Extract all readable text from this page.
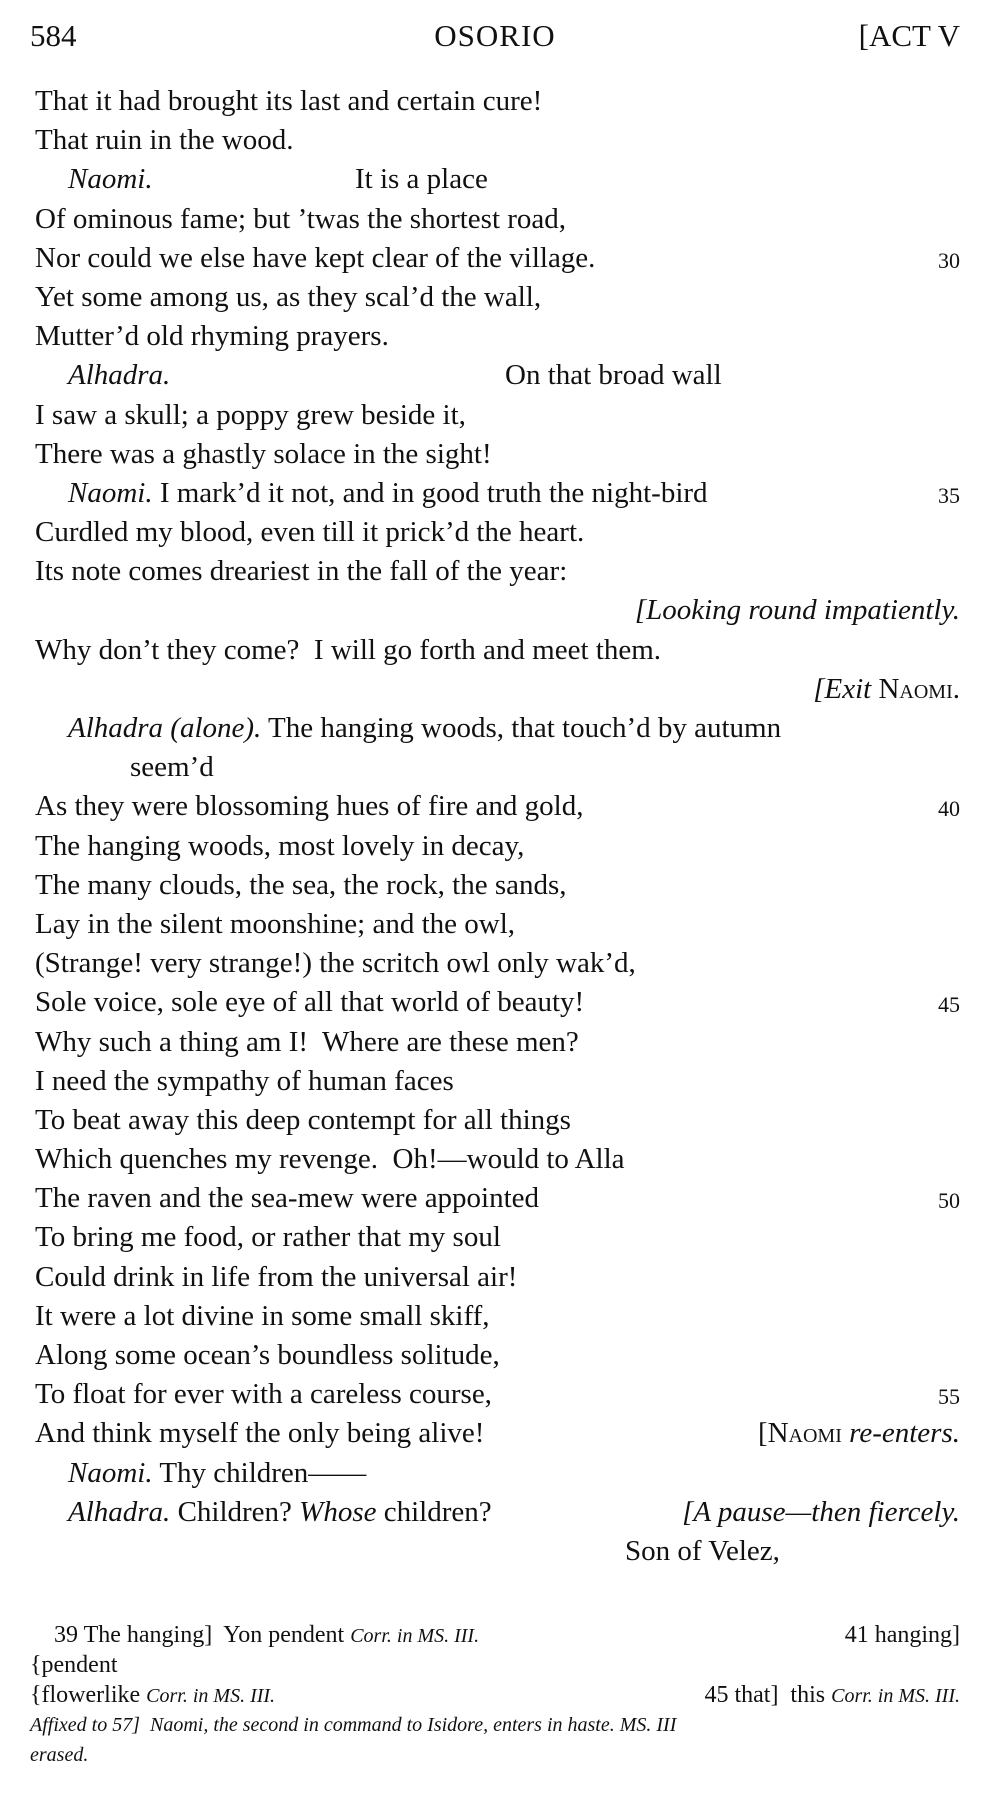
584	OSORIO	[ACT V
That it had brought its last and certain cure!
That ruin in the wood.
Naomi.	It is a place
Of ominous fame; but ’twas the shortest road,
Nor could we else have kept clear of the village.	30
Yet some among us, as they scal’d the wall,
Mutter’d old rhyming prayers.
Alhadra.	On that broad wall
I saw a skull; a poppy grew beside it,
There was a ghastly solace in the sight!
Naomi. I mark’d it not, and in good truth the night-bird	35
Curdled my blood, even till it prick’d the heart.
Its note comes dreariest in the fall of the year:
[Looking round impatiently.
Why don’t they come?  I will go forth and meet them.
[Exit Naomi.
Alhadra (alone). The hanging woods, that touch’d by autumn
seem’d
As they were blossoming hues of fire and gold,	40
The hanging woods, most lovely in decay,
The many clouds, the sea, the rock, the sands,
Lay in the silent moonshine; and the owl,
(Strange! very strange!) the scritch owl only wak’d,
Sole voice, sole eye of all that world of beauty!	45
Why such a thing am I!  Where are these men?
I need the sympathy of human faces
To beat away this deep contempt for all things
Which quenches my revenge.  Oh!—would to Alla
The raven and the sea-mew were appointed	50
To bring me food, or rather that my soul
Could drink in life from the universal air!
It were a lot divine in some small skiff,
Along some ocean’s boundless solitude,
To float for ever with a careless course,	55
And think myself the only being alive!	[Naomi re-enters.
Naomi. Thy children——
Alhadra. Children? Whose children?	[A pause—then fiercely.
Son of Velez,
39 The hanging]  Yon pendent Corr. in MS. III.	41 hanging]
{pendent
{flowerlike Corr. in MS. III.	45 that]  this Corr. in MS. III.
Affixed to 57]  Naomi, the second in command to Isidore, enters in haste. MS. III
erased.
